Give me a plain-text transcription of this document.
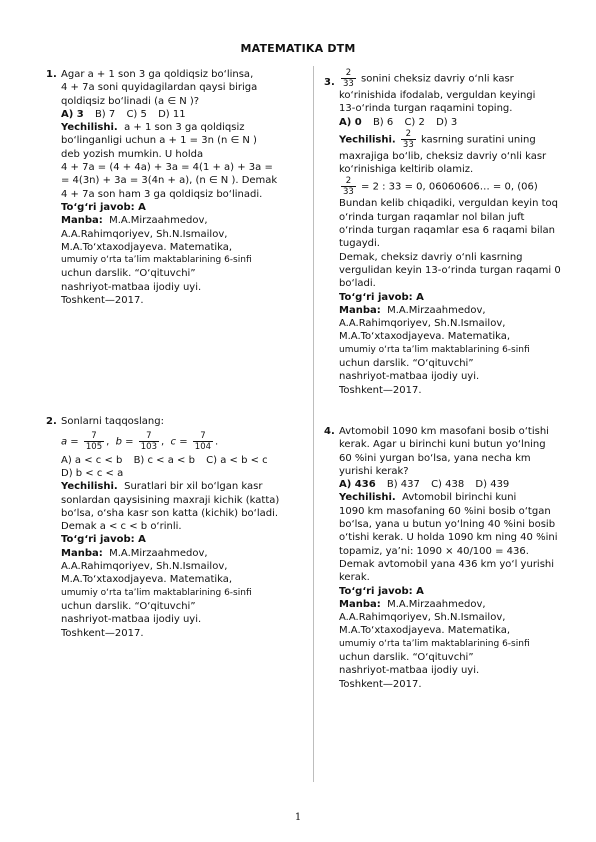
MATEMATIKA DTM
1. Agar a + 1 son 3 ga qoldiqsiz bo‘linsa,

4 + 7a soni quyidagilardan qaysi biriga

qoldiqsiz bo‘linadi (a ∈ N )?

A) 3 B) 7 C) 5 D) 11

Yechilishi. a + 1 son 3 ga qoldiqsiz

bo‘linganligi uchun a + 1 = 3n (n ∈ N )

deb yozish mumkin. U holda

4 + 7a = (4 + 4a) + 3a = 4(1 + a) + 3a =

= 4(3n) + 3a = 3(4n + a), (n ∈ N ). Demak

4 + 7a son ham 3 ga qoldiqsiz bo‘linadi.

To‘g‘ri javob: A

Manba: M.A.Mirzaahmedov,

A.A.Rahimqoriyev, Sh.N.Ismailov,

M.A.To‘xtaxodjayeva. Matematika,

umumiy o‘rta ta’lim maktablarining 6-sinfi

uchun darslik. “O‘qituvchi”

nashriyot-matbaa ijodiy uyi.

Toshkent—2017.

2. Sonlarni taqqoslang:

$a = \frac{7}{105}$ ,  $b = \frac{7}{103}$ ,  $c = \frac{7}{104}$ .

A) a < c < b B) c < a < b C) a < b < c

D) b < c < a

Yechilishi. Suratlari bir xil bo‘lgan kasr

sonlardan qaysisining maxraji kichik (katta)

bo‘lsa, o‘sha kasr son katta (kichik) bo‘ladi.

Demak a < c < b o‘rinli.

To‘g‘ri javob: A

Manba: M.A.Mirzaahmedov,

A.A.Rahimqoriyev, Sh.N.Ismailov,

M.A.To‘xtaxodjayeva. Matematika,

umumiy o‘rta ta’lim maktablarining 6-sinfi

uchun darslik. “O‘qituvchi”

nashriyot-matbaa ijodiy uyi.

Toshkent—2017.

3. $\frac{2}{33}$ sonini cheksiz davriy o‘nli kasr

ko‘rinishida ifodalab, verguldan keyingi

13-o‘rinda turgan raqamini toping.

A) 0 B) 6 C) 2 D) 3

Yechilishi. $\frac{2}{33}$ kasrning suratini uning

maxrajiga bo‘lib, cheksiz davriy o‘nli kasr

ko‘rinishiga keltirib olamiz.

$\frac{2}{33} = 2$ : 33 = 0, 06060606… = 0, (06)

Bundan kelib chiqadiki, verguldan keyin toq

o‘rinda turgan raqamlar nol bilan juft

o‘rinda turgan raqamlar esa 6 raqami bilan

tugaydi.

Demak, cheksiz davriy o‘nli kasrning

vergulidan keyin 13-o‘rinda turgan raqami 0

bo‘ladi.

To‘g‘ri javob: A

Manba: M.A.Mirzaahmedov,

A.A.Rahimqoriyev, Sh.N.Ismailov,

M.A.To‘xtaxodjayeva. Matematika,

umumiy o‘rta ta’lim maktablarining 6-sinfi

uchun darslik. “O‘qituvchi”

nashriyot-matbaa ijodiy uyi.

Toshkent—2017.

4. Avtomobil 1090 km masofani bosib o‘tishi

kerak. Agar u birinchi kuni butun yo‘lning

60 %ini yurgan bo‘lsa, yana necha km

yurishi kerak?

A) 436 B) 437 C) 438 D) 439

Yechilishi. Avtomobil birinchi kuni

1090 km masofaning 60 %ini bosib o‘tgan

bo‘lsa, yana u butun yo‘lning 40 %ini bosib

o‘tishi kerak. U holda 1090 km ning 40 %ini

topamiz, ya’ni: 1090 × 40/100 = 436.

Demak avtomobil yana 436 km yo‘l yurishi

kerak.

To‘g‘ri javob: A

Manba: M.A.Mirzaahmedov,

A.A.Rahimqoriyev, Sh.N.Ismailov,

M.A.To‘xtaxodjayeva. Matematika,

umumiy o‘rta ta’lim maktablarining 6-sinfi

uchun darslik. “O‘qituvchi”

nashriyot-matbaa ijodiy uyi.

Toshkent—2017.

1
